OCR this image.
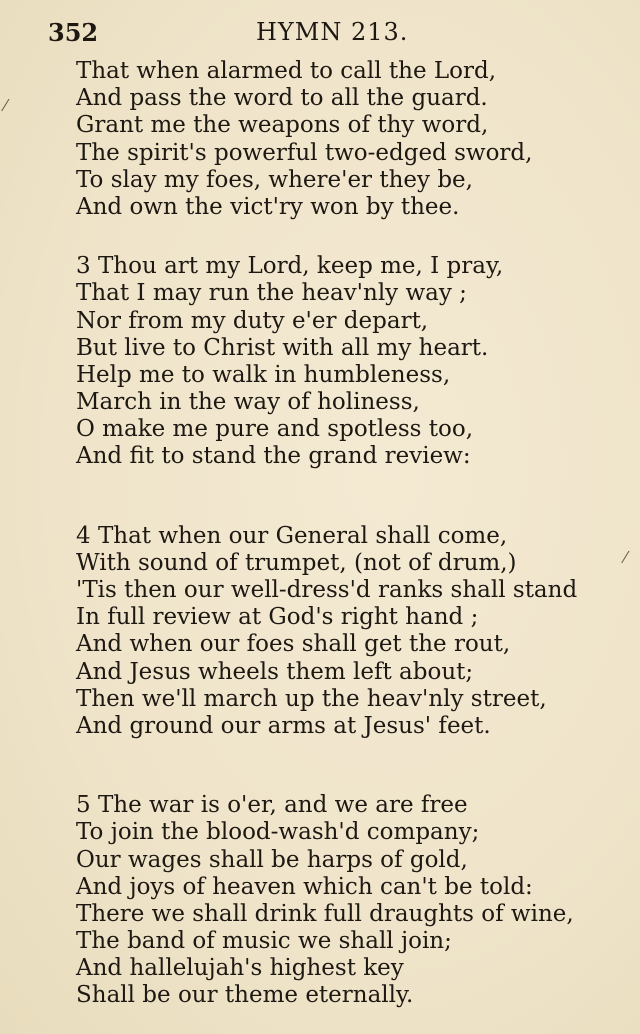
352	HYMN 213.
That when alarmed to call the Lord,
And pass the word to all the guard.
Grant me the weapons of thy word,
The spirit's powerful two-edged sword,
To slay my foes, where'er they be,
And own the vict'ry won by thee.
3 Thou art my Lord, keep me, I pray,
That I may run the heav'nly way ;
Nor from my duty e'er depart,
But live to Christ with all my heart.
Help me to walk in humbleness,
March in the way of holiness,
O make me pure and spotless too,
And fit to stand the grand review:
4 That when our General shall come,
With sound of trumpet, (not of drum,)
'Tis then our well-dress'd ranks shall stand
In full review at God's right hand ;
And when our foes shall get the rout,
And Jesus wheels them left about;
Then we'll march up the heav'nly street,
And ground our arms at Jesus' feet.
5 The war is o'er, and we are free
To join the blood-wash'd company;
Our wages shall be harps of gold,
And joys of heaven which can't be told:
There we shall drink full draughts of wine,
The band of music we shall join;
And hallelujah's highest key
Shall be our theme eternally.
⁄
⁄
